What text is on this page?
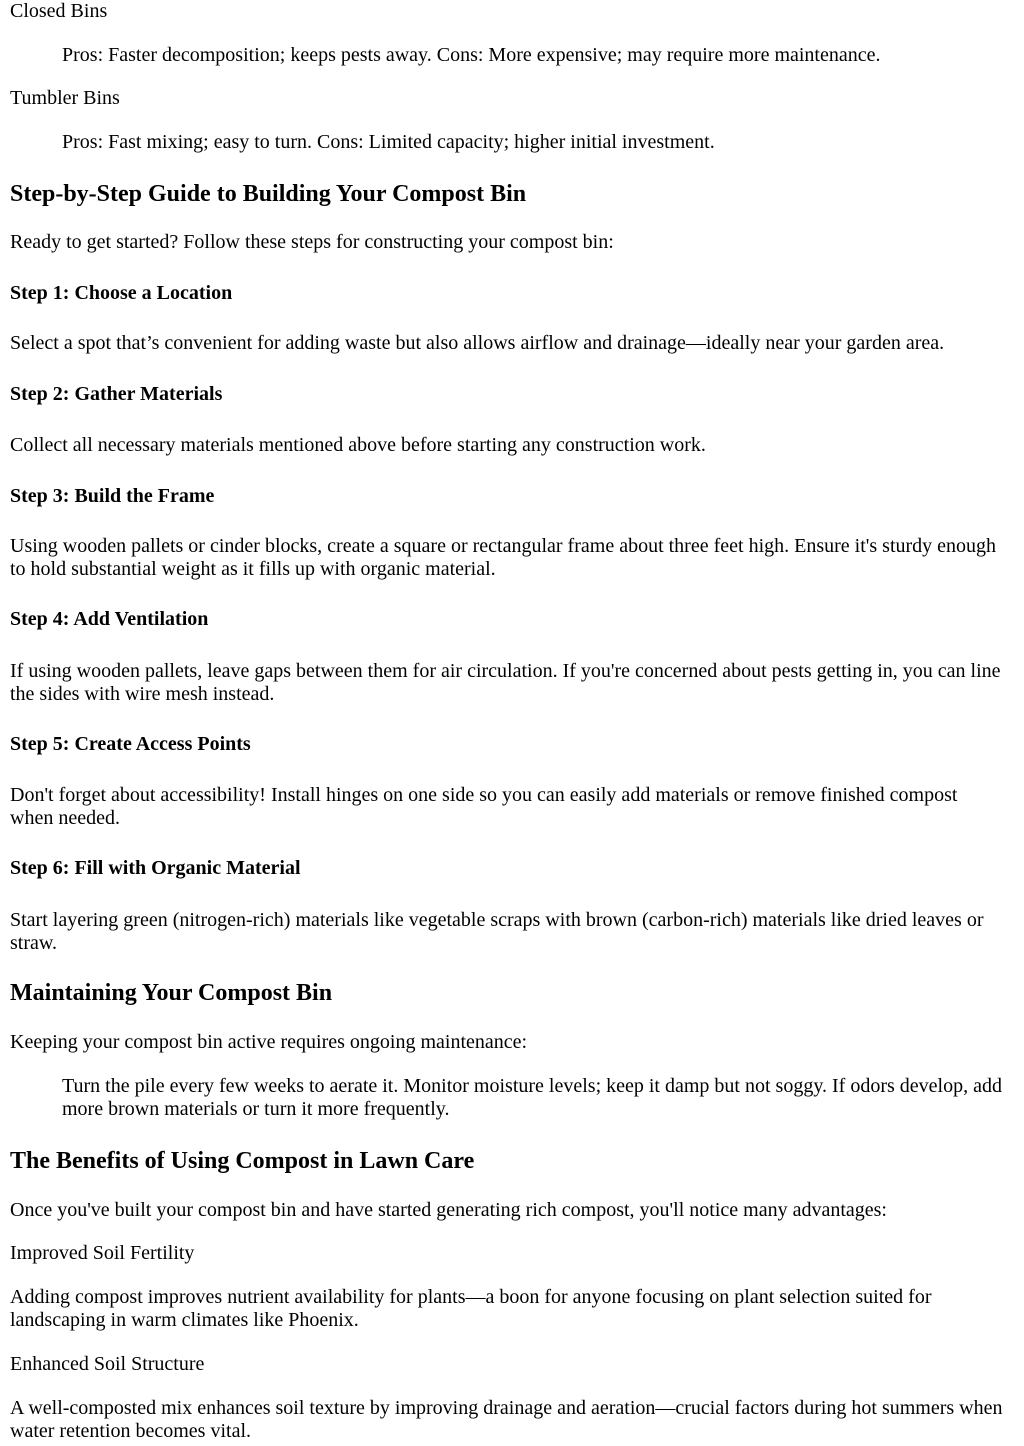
Closed Bins

Pros: Faster decomposition; keeps pests away. Cons: More expensive; may require more maintenance.

Tumbler Bins

Pros: Fast mixing; easy to turn. Cons: Limited capacity; higher initial investment.

Step-by-Step Guide to Building Your Compost Bin

Ready to get started? Follow these steps for constructing your compost bin:

Step 1: Choose a Location

Select a spot that’s convenient for adding waste but also allows airflow and drainage—ideally near your garden area.

Step 2: Gather Materials

Collect all necessary materials mentioned above before starting any construction work.

Step 3: Build the Frame

Using wooden pallets or cinder blocks, create a square or rectangular frame about three feet high. Ensure it's sturdy enough to hold substantial weight as it fills up with organic material.

Step 4: Add Ventilation

If using wooden pallets, leave gaps between them for air circulation. If you're concerned about pests getting in, you can line the sides with wire mesh instead.

Step 5: Create Access Points

Don't forget about accessibility! Install hinges on one side so you can easily add materials or remove finished compost when needed.

Step 6: Fill with Organic Material

Start layering green (nitrogen-rich) materials like vegetable scraps with brown (carbon-rich) materials like dried leaves or straw.

Maintaining Your Compost Bin

Keeping your compost bin active requires ongoing maintenance:

Turn the pile every few weeks to aerate it. Monitor moisture levels; keep it damp but not soggy. If odors develop, add more brown materials or turn it more frequently.

The Benefits of Using Compost in Lawn Care

Once you've built your compost bin and have started generating rich compost, you'll notice many advantages:

Improved Soil Fertility

Adding compost improves nutrient availability for plants—a boon for anyone focusing on plant selection suited for landscaping in warm climates like Phoenix.

Enhanced Soil Structure

A well-composted mix enhances soil texture by improving drainage and aeration—crucial factors during hot summers when water retention becomes vital.
